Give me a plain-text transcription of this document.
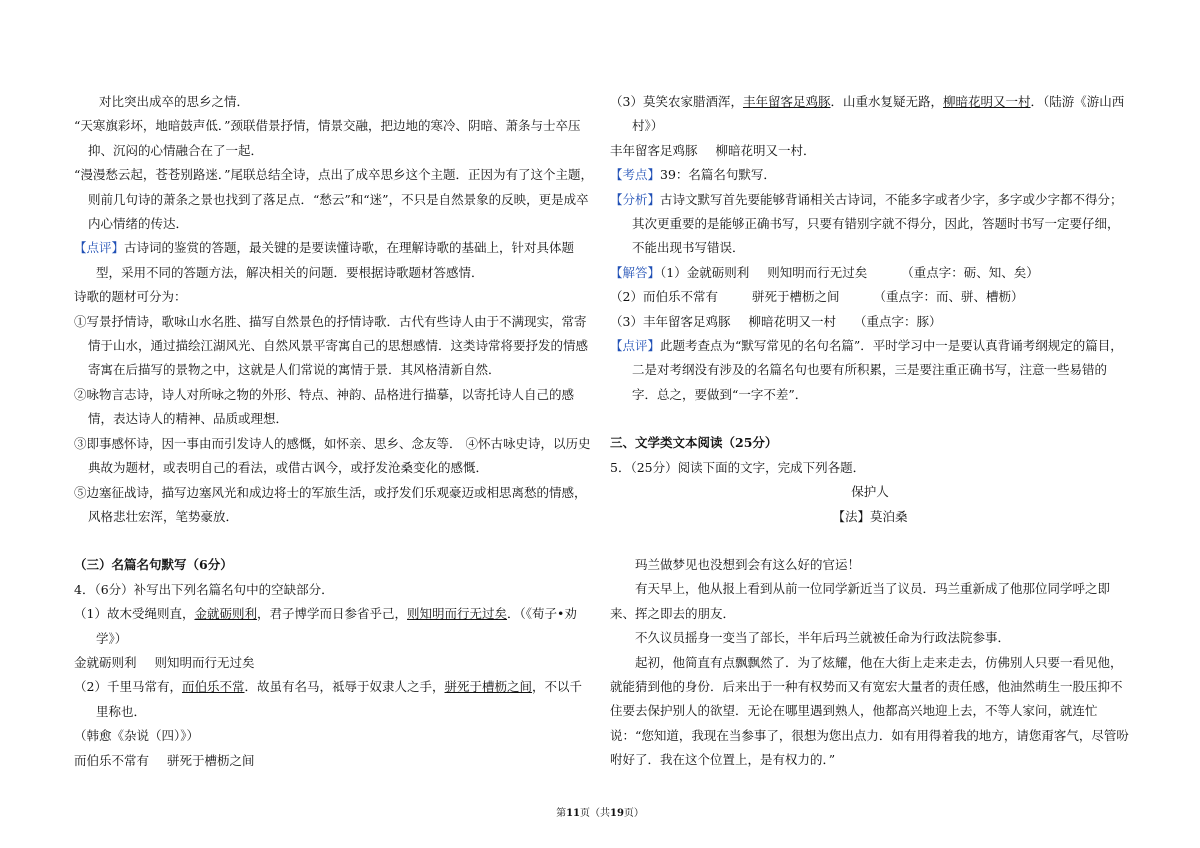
对比突出成卒的思乡之情．

“天寒旗彩坏，地暗鼓声低．”颈联借景抒情，情景交融，把边地的寒冷、阴暗、萧条与士卒压抑、沉闷的心情融合在了一起．

“漫漫愁云起，苍苍别路迷．”尾联总结全诗，点出了成卒思乡这个主题．正因为有了这个主题，则前几句诗的萧条之景也找到了落足点．“愁云”和“迷”，不只是自然景象的反映，更是成卒内心情绪的传达．

【点评】古诗词的鉴赏的答题，最关键的是要读懂诗歌，在理解诗歌的基础上，针对具体题型，采用不同的答题方法，解决相关的问题．要根据诗歌题材答感情．

诗歌的题材可分为：

①写景抒情诗，歌咏山水名胜、描写自然景色的抒情诗歌．古代有些诗人由于不满现实，常寄情于山水，通过描绘江湖风光、自然风景平寄寓自己的思想感情．这类诗常将要抒发的情感寄寓在后描写的景物之中，这就是人们常说的寓情于景．其风格清新自然．

②咏物言志诗，诗人对所咏之物的外形、特点、神韵、品格进行描摹，以寄托诗人自己的感情，表达诗人的精神、品质或理想．

③即事感怀诗，因一事由而引发诗人的感慨，如怀亲、思乡、念友等． ④怀古咏史诗，以历史典故为题材，或表明自己的看法，或借古讽今，或抒发沧桑变化的感慨．

⑤边塞征战诗，描写边塞风光和成边将士的军旅生活，或抒发们乐观豪迈或相思离愁的情感，风格悲壮宏浑，笔势豪放．

（三）名篇名句默写（6分）

4．（6分）补写出下列名篇名句中的空缺部分．

（1）故木受绳则直，金就砺则利，君子博学而日参省乎己，则知明而行无过矣．（《荀子•劝学》）

金就砺则利 则知明而行无过矣

（2）千里马常有，而伯乐不常．故虽有名马，祗辱于奴隶人之手，骈死于槽枥之间，不以千里称也．

（韩愈《杂说（四）》）

而伯乐不常有 骈死于槽枥之间

（3）莫笑农家腊酒浑，丰年留客足鸡豚．山重水复疑无路，柳暗花明又一村．（陆游《游山西村》）

丰年留客足鸡豚 柳暗花明又一村．

【考点】39：名篇名句默写．

【分析】古诗文默写首先要能够背诵相关古诗词，不能多字或者少字，多字或少字都不得分；其次更重要的是能够正确书写，只要有错别字就不得分，因此，答题时书写一定要仔细，不能出现书写错误．

【解答】（1）金就砺则利 则知明而行无过矣	（重点字：砺、知、矣）

（2）而伯乐不常有	骈死于槽枥之间	（重点字：而、骈、槽枥）

（3）丰年留客足鸡豚 柳暗花明又一村 （重点字：豚）

【点评】此题考查点为“默写常见的名句名篇”．平时学习中一是要认真背诵考纲规定的篇目，二是对考纲没有涉及的名篇名句也要有所积累，三是要注重正确书写，注意一些易错的字．总之，要做到“一字不差”．

三、文学类文本阅读（25分）

5．（25分）阅读下面的文字，完成下列各题．

保护人

【法】莫泊桑

玛兰做梦见也没想到会有这么好的官运！

有天早上，他从报上看到从前一位同学新近当了议员．玛兰重新成了他那位同学呼之即来、挥之即去的朋友．

不久议员摇身一变当了部长，半年后玛兰就被任命为行政法院参事．

起初，他简直有点飘飘然了．为了炫耀，他在大街上走来走去，仿佛别人只要一看见他，就能猜到他的身份．后来出于一种有权势而又有宽宏大量者的责任感，他油然萌生一股压抑不住要去保护别人的欲望．无论在哪里遇到熟人，他都高兴地迎上去，不等人家问，就连忙说：“您知道，我现在当参事了，很想为您出点力．如有用得着我的地方，请您甭客气，尽管吩咐好了．我在这个位置上，是有权力的．”

第11页（共19页）
